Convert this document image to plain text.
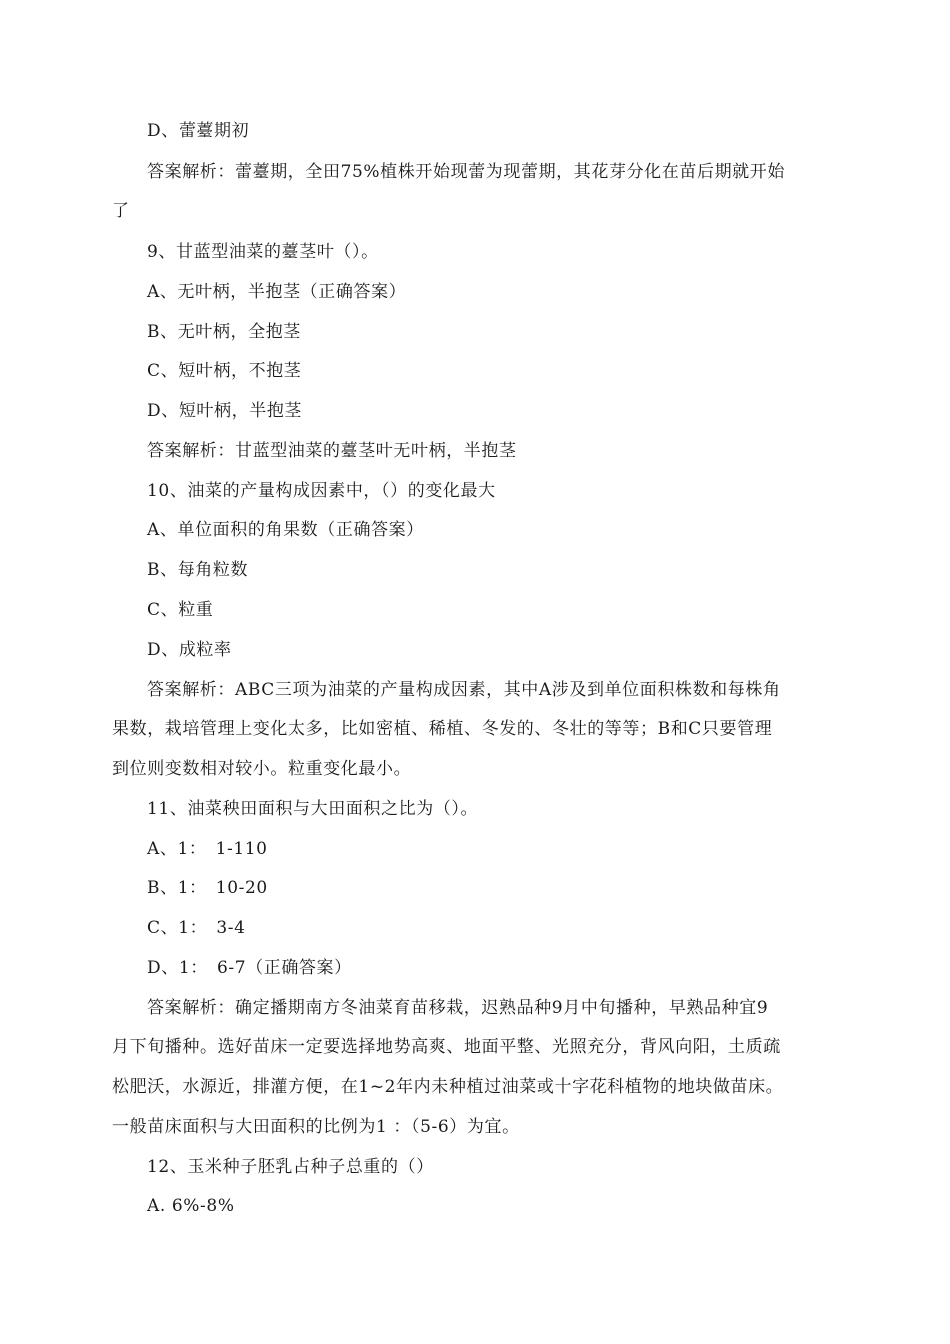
D、蕾薹期初
答案解析：蕾薹期，全田75%植株开始现蕾为现蕾期，其花芽分化在苗后期就开始
了
9、甘蓝型油菜的薹茎叶（）。
A、无叶柄，半抱茎（正确答案）
B、无叶柄，全抱茎
C、短叶柄，不抱茎
D、短叶柄，半抱茎
答案解析：甘蓝型油菜的薹茎叶无叶柄，半抱茎
10、油菜的产量构成因素中，（）的变化最大
A、单位面积的角果数（正确答案）
B、每角粒数
C、粒重
D、成粒率
答案解析：ABC三项为油菜的产量构成因素，其中A涉及到单位面积株数和每株角
果数，栽培管理上变化太多，比如密植、稀植、冬发的、冬壮的等等；B和C只要管理
到位则变数相对较小。粒重变化最小。
11、油菜秧田面积与大田面积之比为（）。
A、1：　1-110
B、1：　10-20
C、1：　3-4
D、1：　6-7（正确答案）
答案解析：确定播期南方冬油菜育苗移栽，迟熟品种9月中旬播种，早熟品种宜9
月下旬播种。选好苗床一定要选择地势高爽、地面平整、光照充分，背风向阳，土质疏
松肥沃，水源近，排灌方便，在1~2年内未种植过油菜或十字花科植物的地块做苗床。
一般苗床面积与大田面积的比例为1 ：（5-6）为宜。
12、玉米种子胚乳占种子总重的（）
A. 6%-8%
